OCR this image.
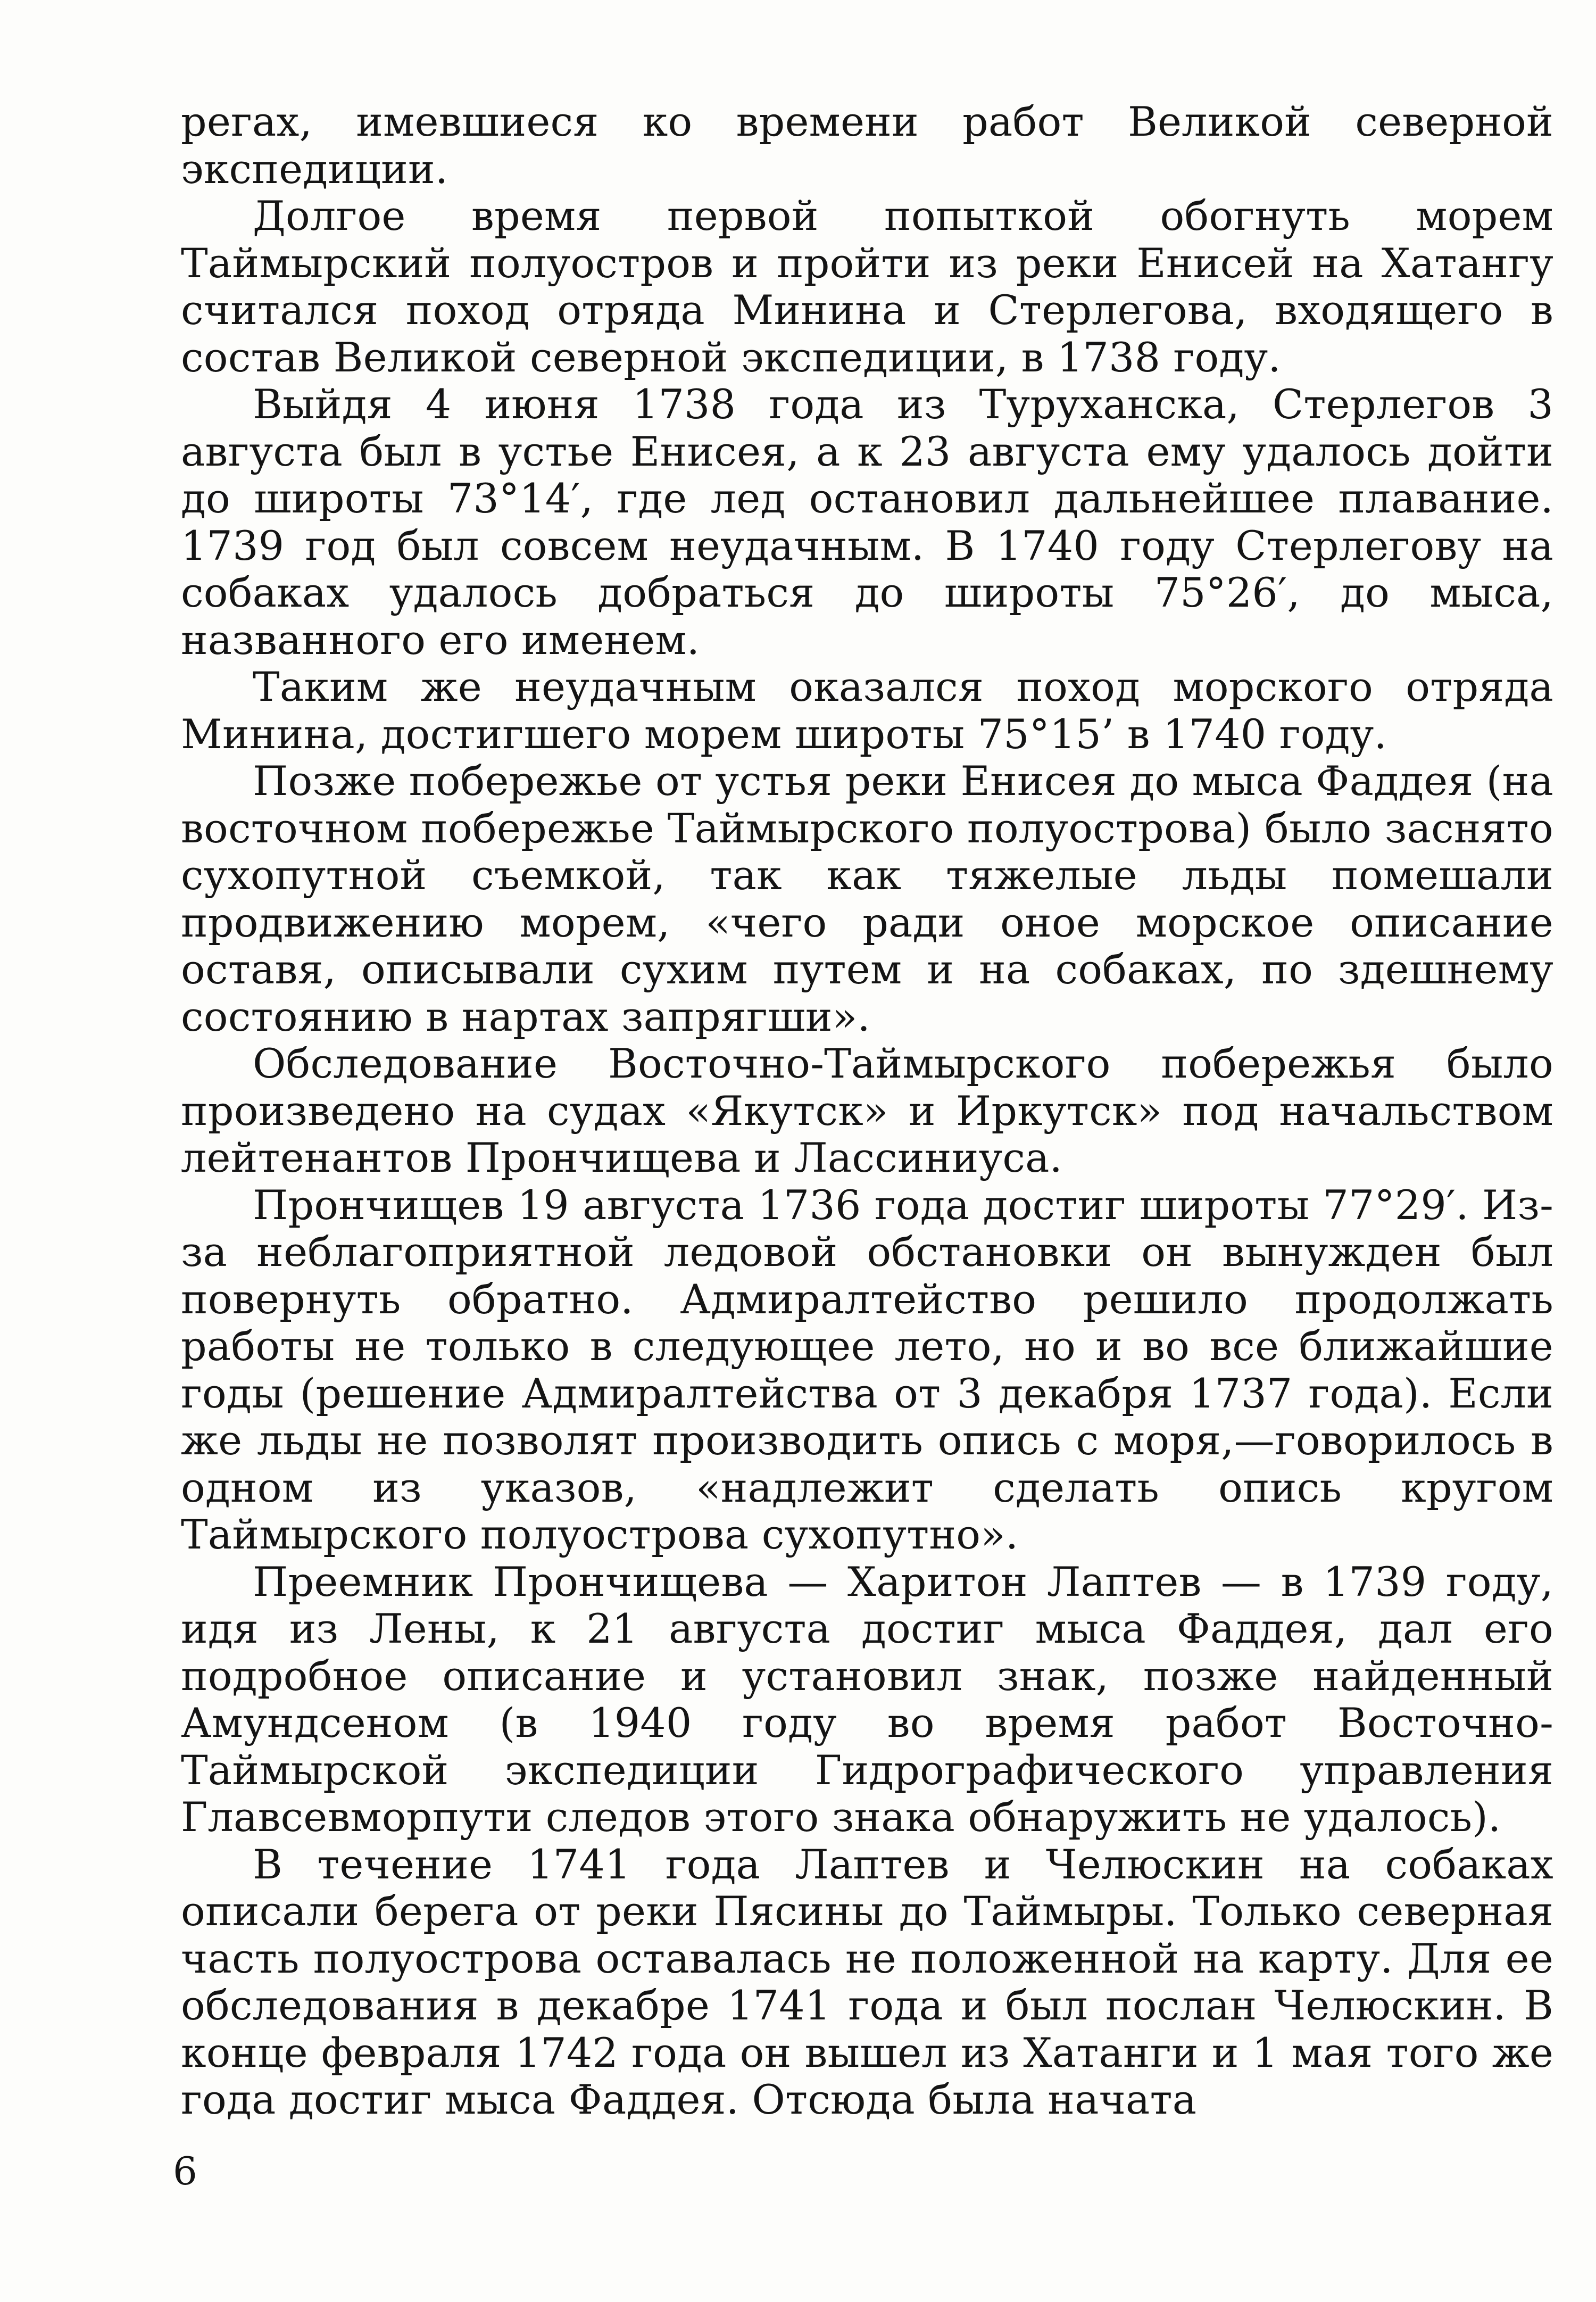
регах, имевшиеся ко времени работ Великой северной экспедиции.

Долгое время первой попыткой обогнуть морем Таймырский полуостров и пройти из реки Енисей на Хатангу считался поход отряда Минина и Стерлегова, входящего в состав Великой северной экспедиции, в 1738 году.

Выйдя 4 июня 1738 года из Туруханска, Стерлегов 3 августа был в устье Енисея, а к 23 августа ему удалось дойти до широты 73°14′, где лед остановил дальнейшее плавание. 1739 год был совсем неудачным. В 1740 году Стерлегову на собаках удалось добраться до широты 75°26′, до мыса, названного его именем.

Таким же неудачным оказался поход морского отряда Минина, достигшего морем широты 75°15’ в 1740 году.

Позже побережье от устья реки Енисея до мыса Фаддея (на восточном побережье Таймырского полуострова) было заснято сухопутной съемкой, так как тяжелые льды помешали продвижению морем, «чего ради оное морское описание оставя, описывали сухим путем и на собаках, по здешнему состоянию в нартах запрягши».

Обследование Восточно-Таймырского побережья было произведено на судах «Якутск» и Иркутск» под начальством лейтенантов Прончищева и Лассиниуса.

Прончищев 19 августа 1736 года достиг широты 77°29′. Из-за неблагоприятной ледовой обстановки он вынужден был повернуть обратно. Адмиралтейство решило продолжать работы не только в следующее лето, но и во все ближайшие годы (решение Адмиралтейства от 3 декабря 1737 года). Если же льды не позволят производить опись с моря,—говорилось в одном из указов, «надлежит сделать опись кругом Таймырского полуострова сухопутно».

Преемник Прончищева — Харитон Лаптев — в 1739 году, идя из Лены, к 21 августа достиг мыса Фаддея, дал его подробное описание и установил знак, позже найденный Амундсеном (в 1940 году во время работ Восточно-Таймырской экспедиции Гидрографического управления Главсевморпути следов этого знака обнаружить не удалось).

В течение 1741 года Лаптев и Челюскин на собаках описали берега от реки Пясины до Таймыры. Только северная часть полуострова оставалась не положенной на карту. Для ее обследования в декабре 1741 года и был послан Челюскин. В конце февраля 1742 года он вышел из Хатанги и 1 мая того же года достиг мыса Фаддея. Отсюда была начата

6
